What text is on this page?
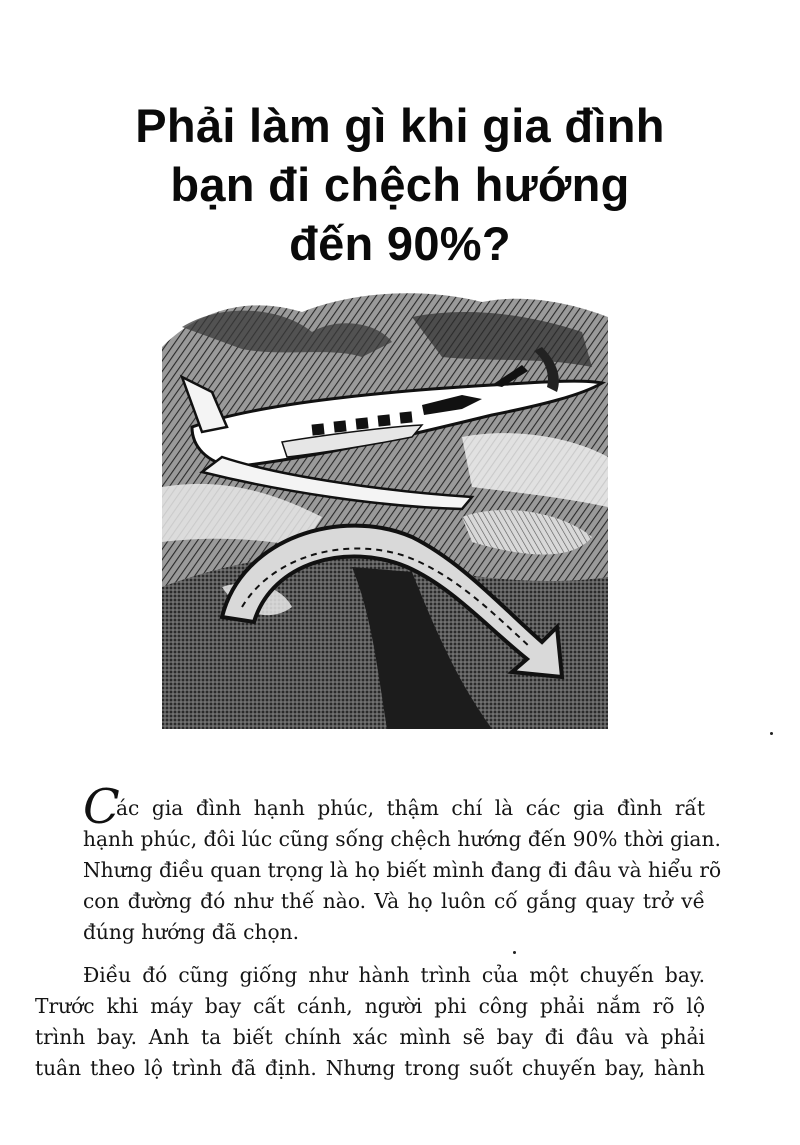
Phải làm gì khi gia đình
bạn đi chệch hướng
đến 90%?
C
ác gia đình hạnh phúc, thậm chí là các gia đình rất
hạnh phúc, đôi lúc cũng sống chệch hướng đến 90% thời gian.
Nhưng điều quan trọng là họ biết mình đang đi đâu và hiểu rõ
con đường đó như thế nào. Và họ luôn cố gắng quay trở về
đúng hướng đã chọn.
Điều đó cũng giống như hành trình của một chuyến bay.
Trước khi máy bay cất cánh, người phi công phải nắm rõ lộ
trình bay. Anh ta biết chính xác mình sẽ bay đi đâu và phải
tuân theo lộ trình đã định. Nhưng trong suốt chuyến bay, hành
